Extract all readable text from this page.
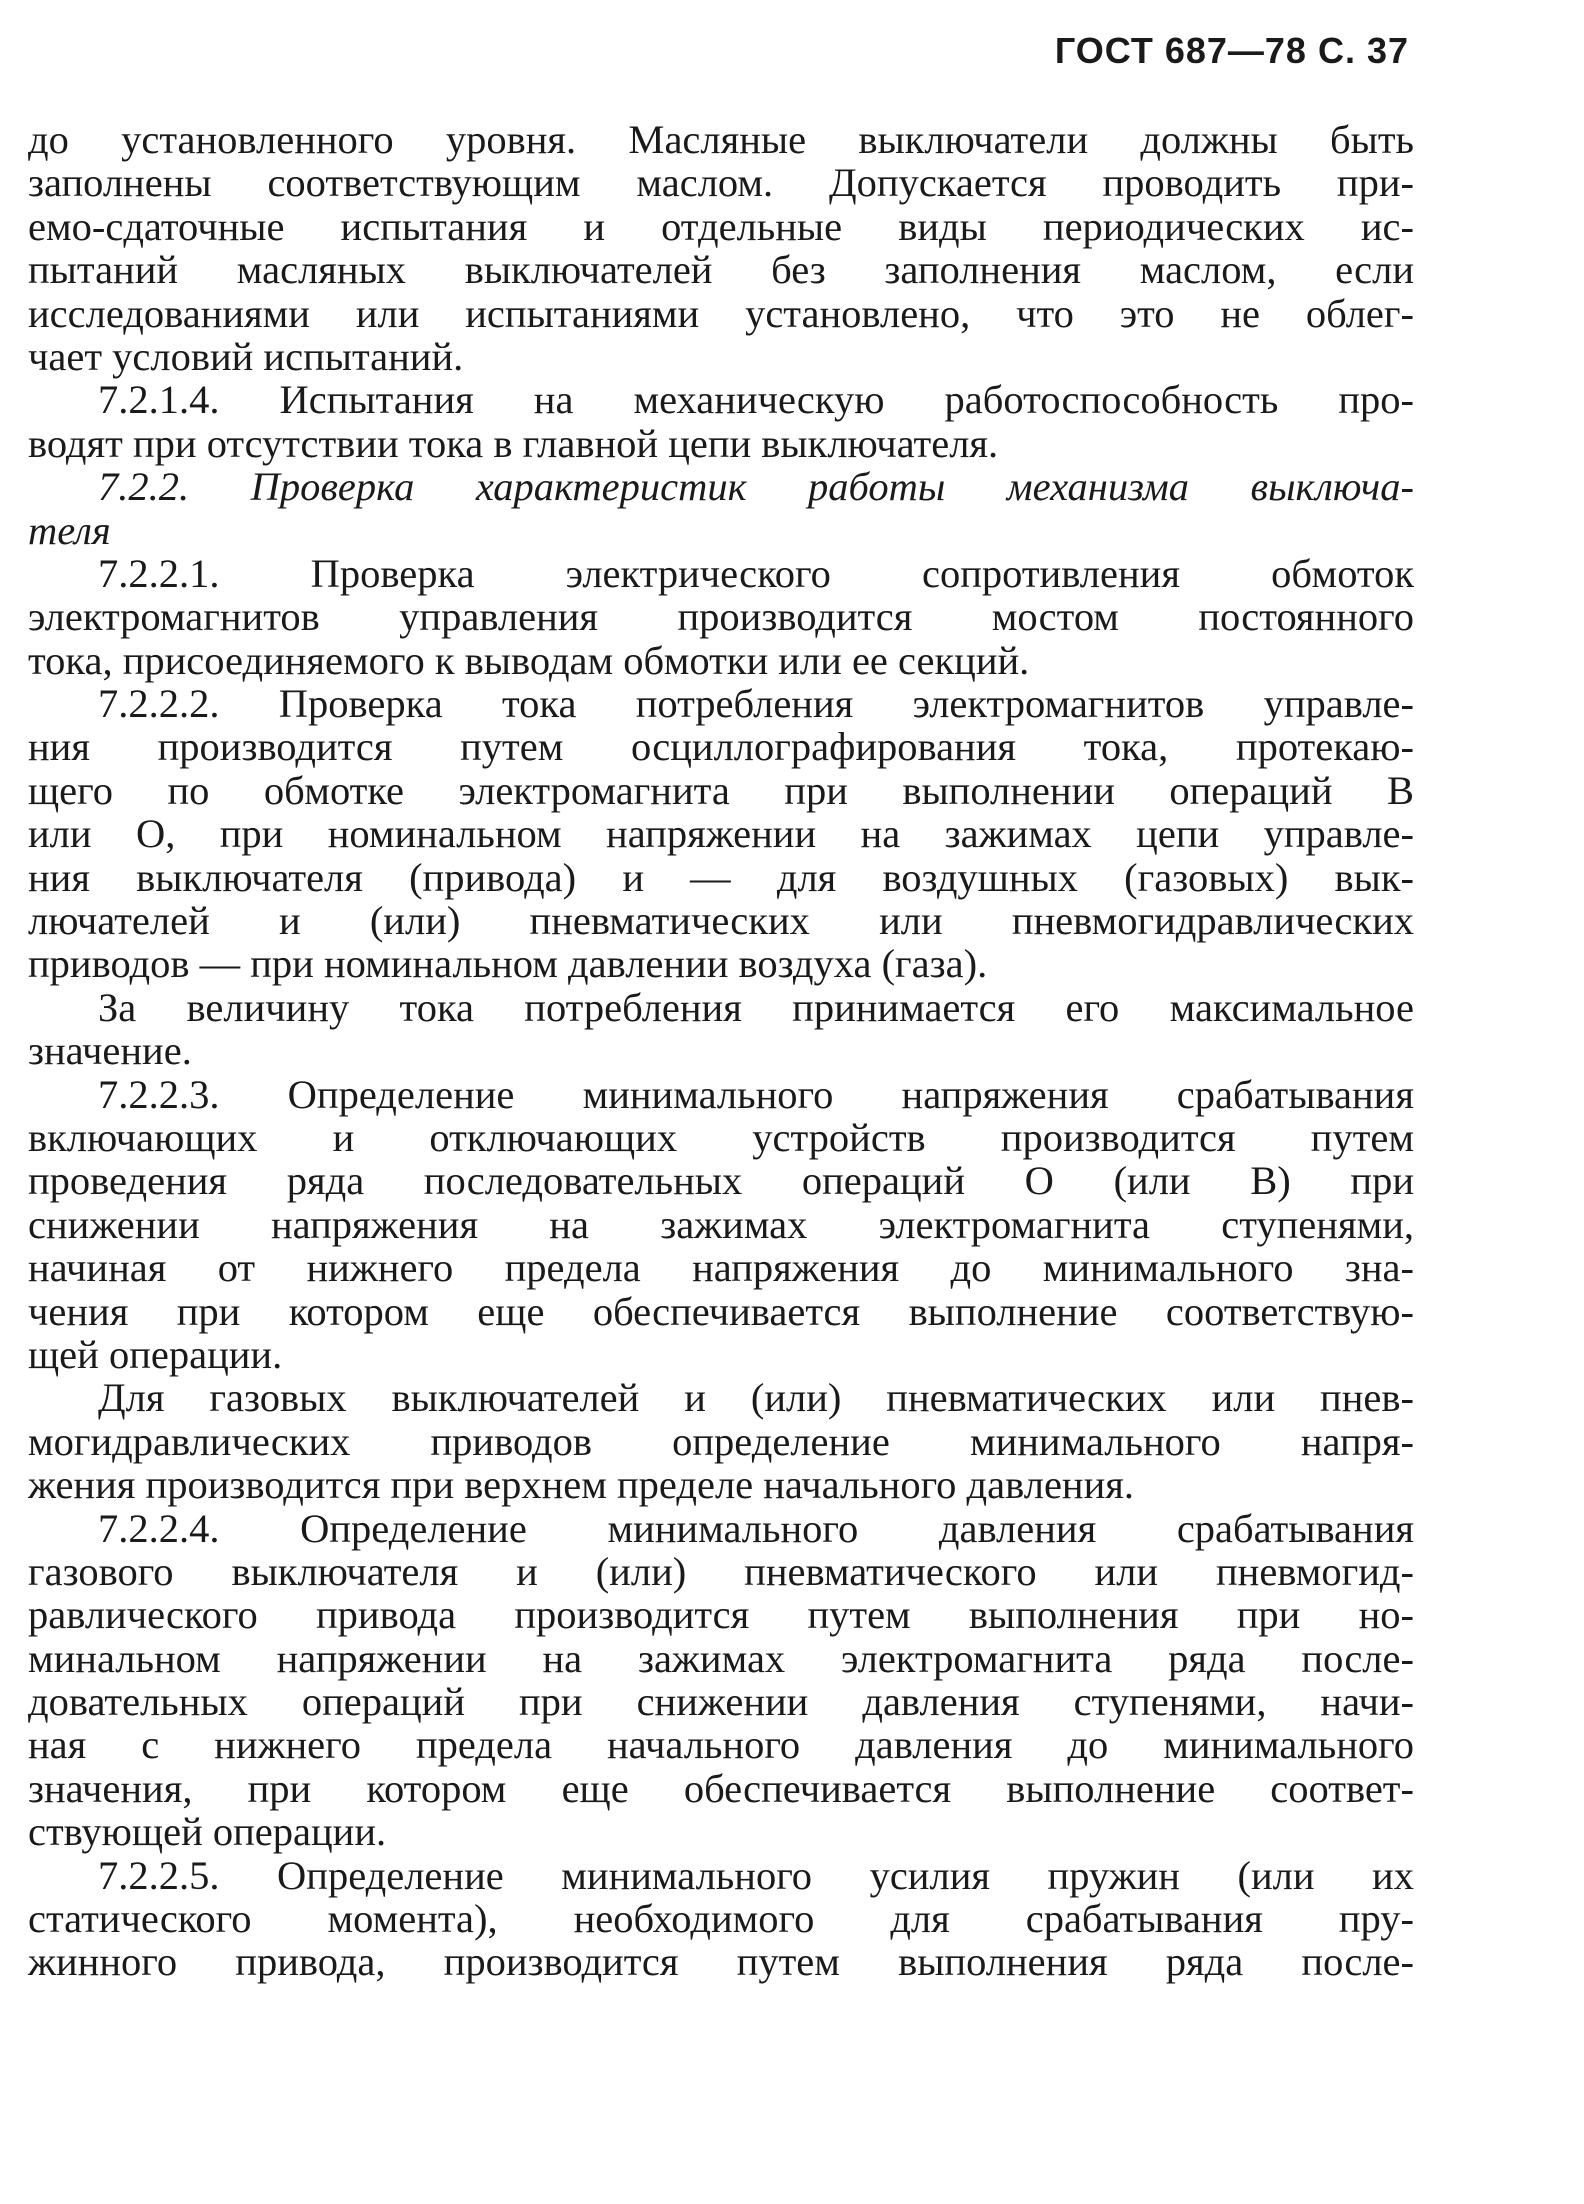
ГОСТ 687—78 С. 37
до установленного уровня. Масляные выключатели должны быть
заполнены соответствующим маслом. Допускается проводить при-
емо-сдаточные испытания и отдельные виды периодических ис-
пытаний масляных выключателей без заполнения маслом, если
исследованиями или испытаниями установлено, что это не облег-
чает условий испытаний.
7.2.1.4. Испытания на механическую работоспособность про-
водят при отсутствии тока в главной цепи выключателя.
7.2.2. Проверка характеристик работы механизма выключа-
теля
7.2.2.1. Проверка электрического сопротивления обмоток
электромагнитов управления производится мостом постоянного
тока, присоединяемого к выводам обмотки или ее секций.
7.2.2.2. Проверка тока потребления электромагнитов управле-
ния производится путем осциллографирования тока, протекаю-
щего по обмотке электромагнита при выполнении операций В
или О, при номинальном напряжении на зажимах цепи управле-
ния выключателя (привода) и — для воздушных (газовых) вык-
лючателей и (или) пневматических или пневмогидравлических
приводов — при номинальном давлении воздуха (газа).
За величину тока потребления принимается его максимальное
значение.
7.2.2.3. Определение минимального напряжения срабатывания
включающих и отключающих устройств производится путем
проведения ряда последовательных операций О (или В) при
снижении напряжения на зажимах электромагнита ступенями,
начиная от нижнего предела напряжения до минимального зна-
чения при котором еще обеспечивается выполнение соответствую-
щей операции.
Для газовых выключателей и (или) пневматических или пнев-
могидравлических приводов определение минимального напря-
жения производится при верхнем пределе начального давления.
7.2.2.4. Определение минимального давления срабатывания
газового выключателя и (или) пневматического или пневмогид-
равлического привода производится путем выполнения при но-
минальном напряжении на зажимах электромагнита ряда после-
довательных операций при снижении давления ступенями, начи-
ная с нижнего предела начального давления до минимального
значения, при котором еще обеспечивается выполнение соответ-
ствующей операции.
7.2.2.5. Определение минимального усилия пружин (или их
статического момента), необходимого для срабатывания пру-
жинного привода, производится путем выполнения ряда после-
